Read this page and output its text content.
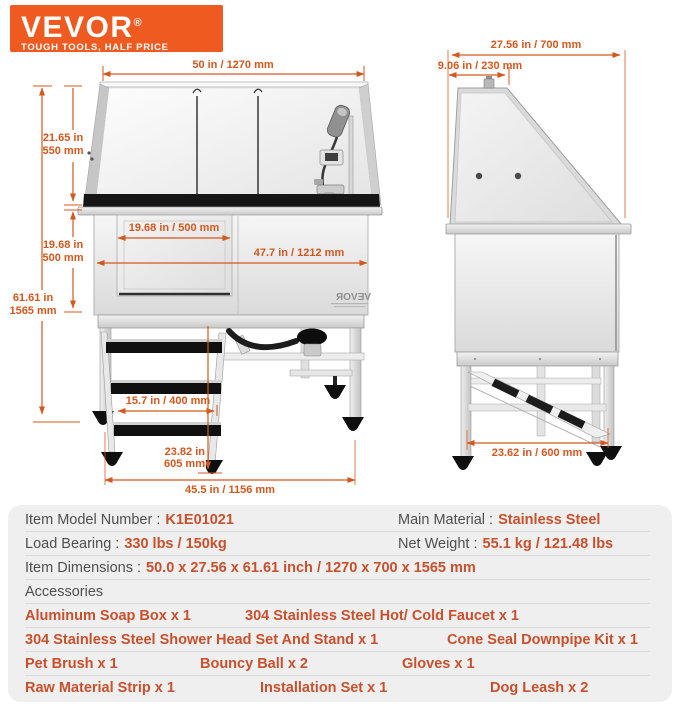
VEVOR®
TOUGH TOOLS, HALF PRICE
VEVOR
50 in / 1270 mm
21.65 in
550 mm
19.68 in
500 mm
61.61 in
1565 mm
19.68 in / 500 mm
47.7 in / 1212 mm
15.7 in / 400 mm
23.82 in
605 mm
45.5 in / 1156 mm
27.56 in / 700 mm
9.06 in / 230 mm
23.62 in / 600 mm
Item Model Number : K1E01021	Main Material : Stainless Steel
Load Bearing : 330 lbs / 150kg	Net Weight : 55.1 kg / 121.48 lbs
Item Dimensions : 50.0 x 27.56 x 61.61 inch / 1270 x 700 x 1565 mm
Accessories
Aluminum Soap Box x 1	304 Stainless Steel Hot/ Cold Faucet x 1
304 Stainless Steel Shower Head Set And Stand x 1	Cone Seal Downpipe Kit x 1
Pet Brush x 1	Bouncy Ball x 2	Gloves x 1
Raw Material Strip x 1	Installation Set x 1	Dog Leash x 2
